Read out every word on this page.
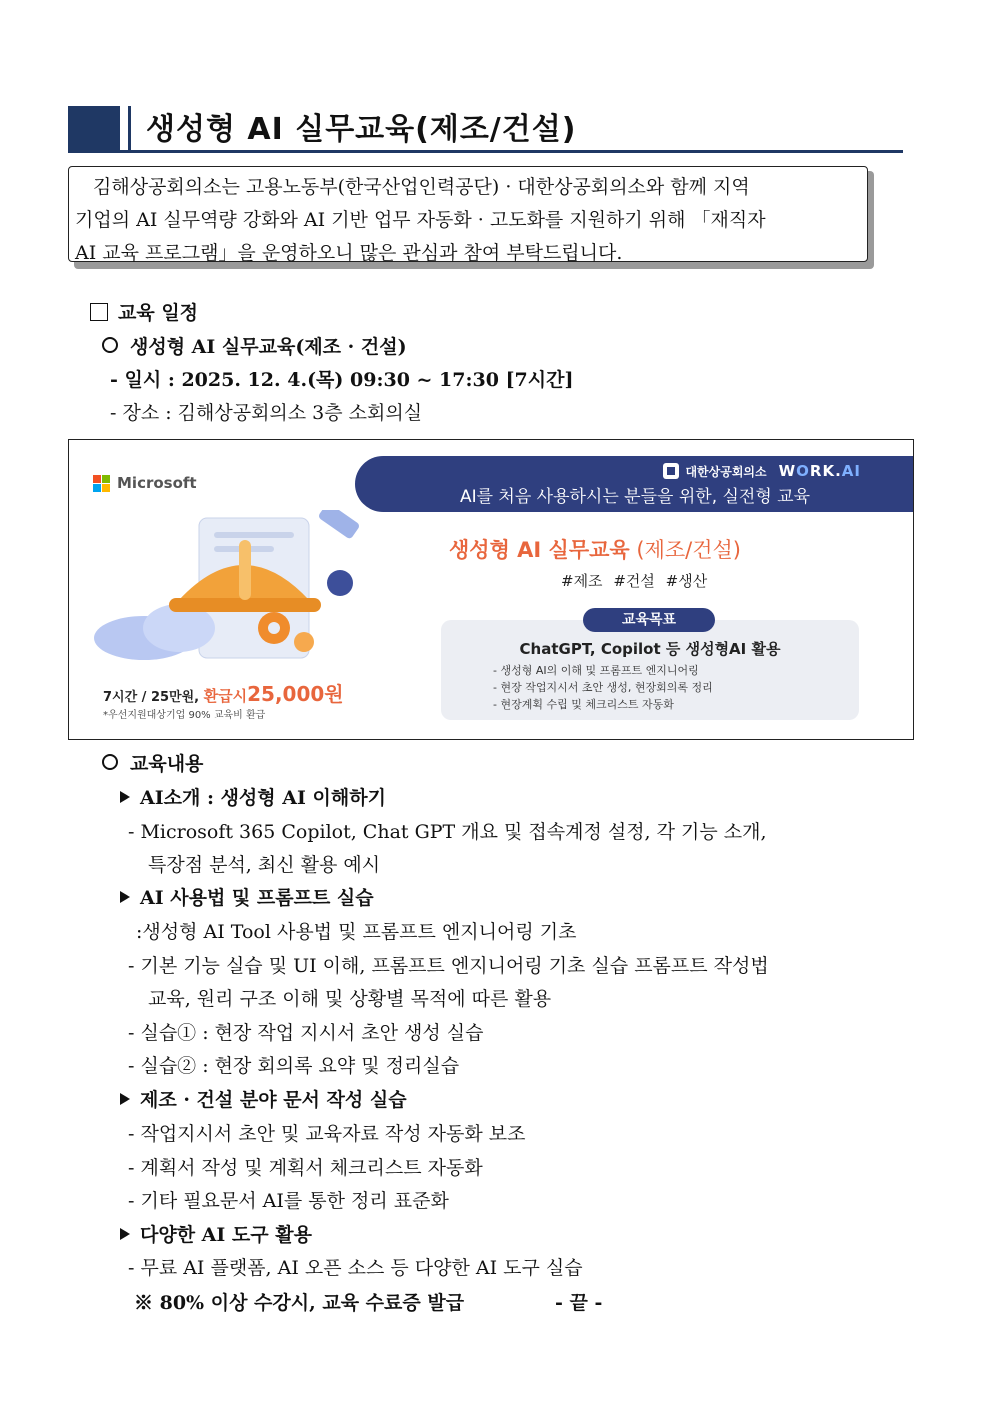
생성형 AI 실무교육(제조/건설)
김해상공회의소는 고용노동부(한국산업인력공단) · 대한상공회의소와 함께 지역
기업의 AI 실무역량 강화와 AI 기반 업무 자동화 · 고도화를 지원하기 위해 「재직자
AI 교육 프로그램」을 운영하오니 많은 관심과 참여 부탁드립니다.
교육 일정
생성형 AI 실무교육(제조 · 건설)
- 일시 : 2025. 12. 4.(목) 09:30 ~ 17:30 [7시간]
- 장소 : 김해상공회의소 3층 소회의실
Microsoft
대한상공회의소 WORK.AI
AI를 처음 사용하시는 분들을 위한, 실전형 교육
생성형 AI 실무교육 (제조/건설)
#제조 #건설 #생산
교육목표
ChatGPT, Copilot 등 생성형AI 활용
- 생성형 AI의 이해 및 프롬프트 엔지니어링
- 현장 작업지시서 초안 생성, 현장회의록 정리
- 현장계획 수립 및 체크리스트 자동화
7시간 / 25만원, 환급시25,000원
*우선지원대상기업 90% 교육비 환급
교육내용
AI소개 : 생성형 AI 이해하기
- Microsoft 365 Copilot, Chat GPT 개요 및 접속계정 설정, 각 기능 소개,
특장점 분석, 최신 활용 예시
AI 사용법 및 프롬프트 실습
:생성형 AI Tool 사용법 및 프롬프트 엔지니어링 기초
- 기본 기능 실습 및 UI 이해, 프롬프트 엔지니어링 기초 실습 프롬프트 작성법
교육, 원리 구조 이해 및 상황별 목적에 따른 활용
- 실습① : 현장 작업 지시서 초안 생성 실습
- 실습② : 현장 회의록 요약 및 정리실습
제조 · 건설 분야 문서 작성 실습
- 작업지시서 초안 및 교육자료 작성 자동화 보조
- 계획서 작성 및 계획서 체크리스트 자동화
- 기타 필요문서 AI를 통한 정리 표준화
다양한 AI 도구 활용
- 무료 AI 플랫폼, AI 오픈 소스 등 다양한 AI 도구 실습
※ 80% 이상 수강시, 교육 수료증 발급	- 끝 -
